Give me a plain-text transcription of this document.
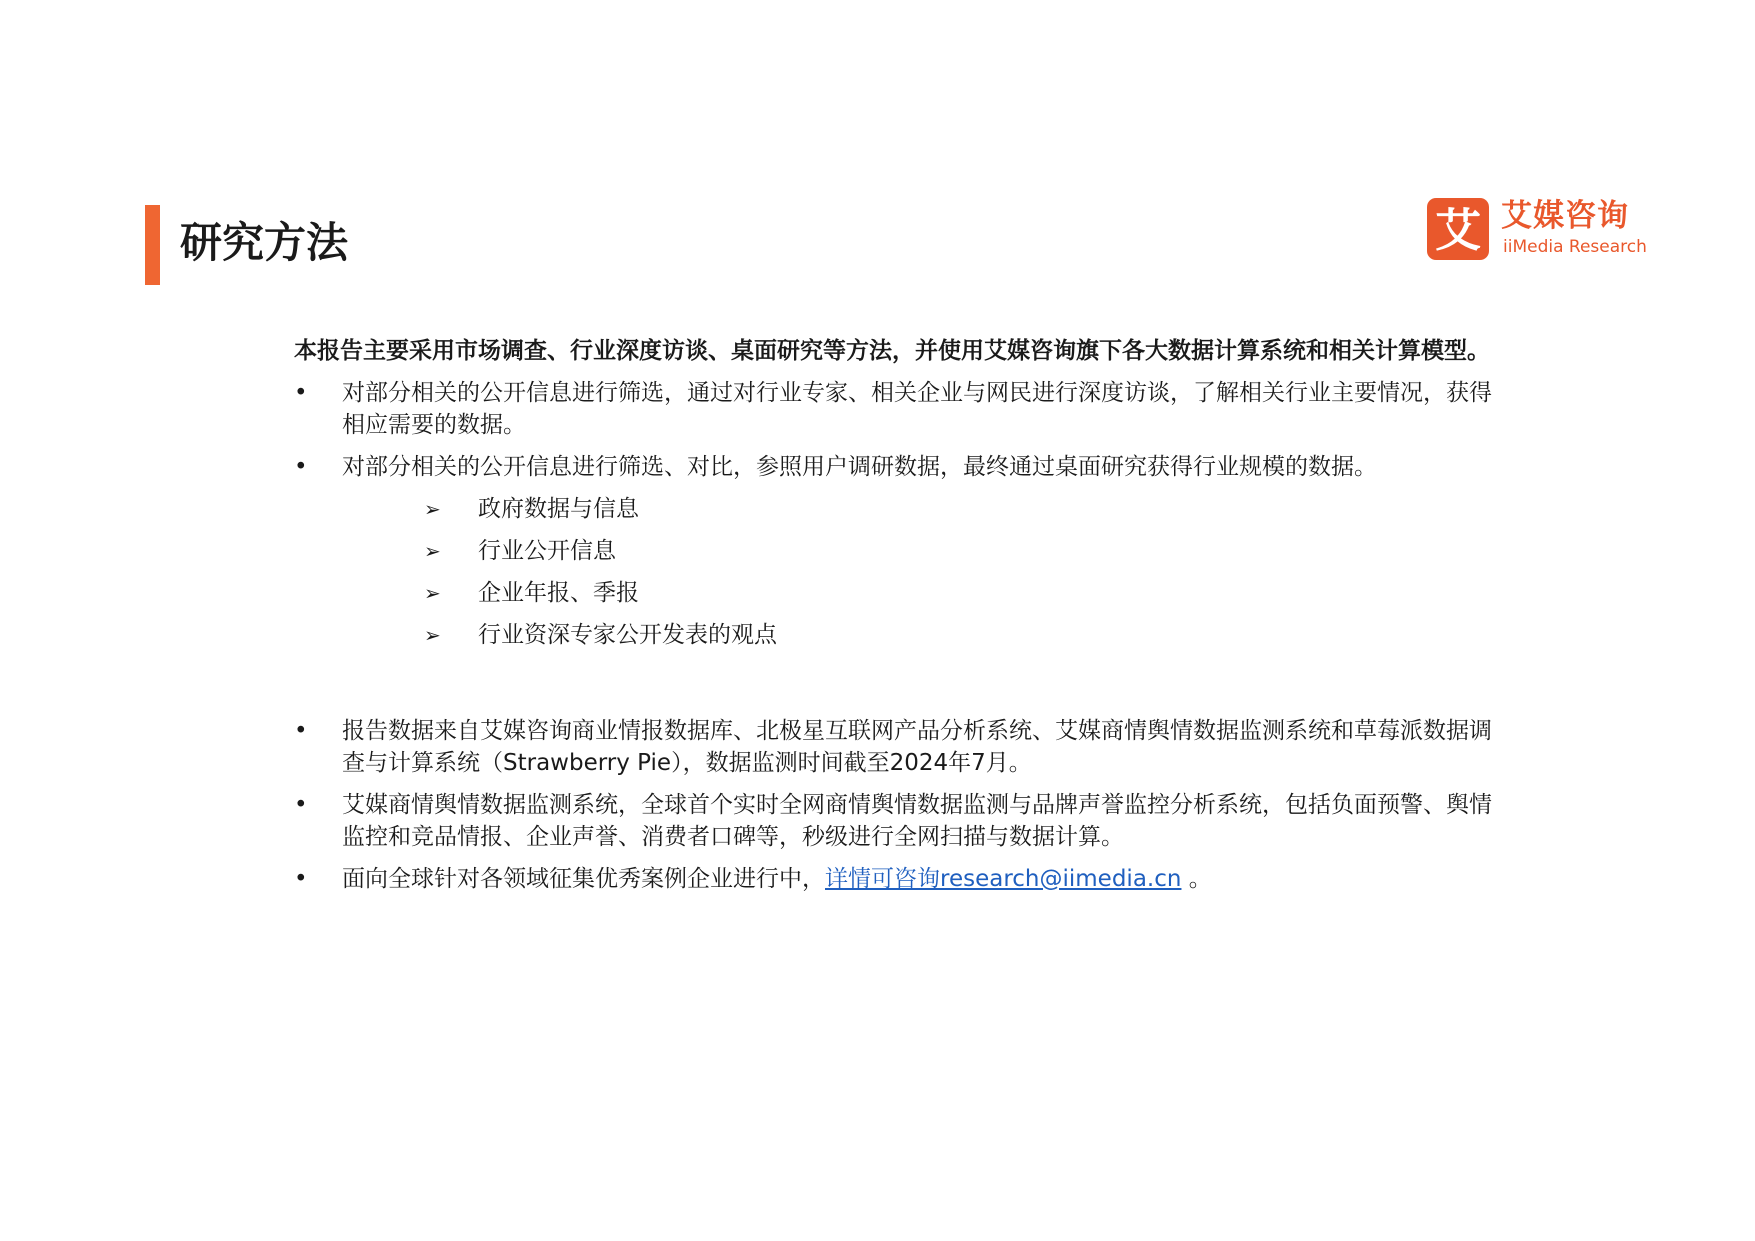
研究方法	艾 艾媒咨询
iiMedia Research

本报告主要采用市场调查、行业深度访谈、桌面研究等方法，并使用艾媒咨询旗下各大数据计算系统和相关计算模型。

• 对部分相关的公开信息进行筛选，通过对行业专家、相关企业与网民进行深度访谈，了解相关行业主要情况，获得相应需要的数据。
• 对部分相关的公开信息进行筛选、对比，参照用户调研数据，最终通过桌面研究获得行业规模的数据。
➢ 政府数据与信息
➢ 行业公开信息
➢ 企业年报、季报
➢ 行业资深专家公开发表的观点
• 报告数据来自艾媒咨询商业情报数据库、北极星互联网产品分析系统、艾媒商情舆情数据监测系统和草莓派数据调查与计算系统（Strawberry Pie），数据监测时间截至2024年7月。
• 艾媒商情舆情数据监测系统，全球首个实时全网商情舆情数据监测与品牌声誉监控分析系统，包括负面预警、舆情监控和竞品情报、企业声誉、消费者口碑等，秒级进行全网扫描与数据计算。
• 面向全球针对各领域征集优秀案例企业进行中，详情可咨询research@iimedia.cn 。
